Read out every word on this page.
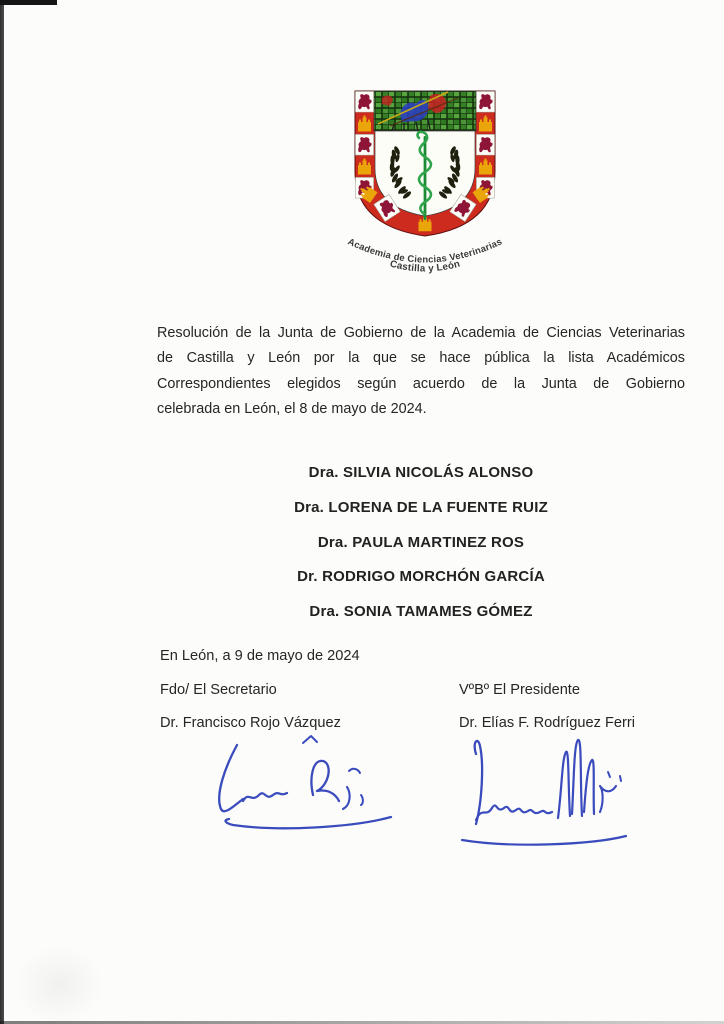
Academia de Ciencias Veterinarias
Castilla y León
Resolución de la Junta de Gobierno de la Academia de Ciencias Veterinarias
de Castilla y León por la que se hace pública la lista Académicos
Correspondientes elegidos según acuerdo de la Junta de Gobierno
celebrada en León, el 8 de mayo de 2024.
Dra. SILVIA NICOLÁS ALONSO
Dra. LORENA DE LA FUENTE RUIZ
Dra. PAULA MARTINEZ ROS
Dr. RODRIGO MORCHÓN GARCÍA
Dra. SONIA TAMAMES GÓMEZ
En León, a 9 de mayo de 2024
Fdo/ El Secretario	VºBº El Presidente
Dr. Francisco Rojo Vázquez	Dr. Elías F. Rodríguez Ferri
